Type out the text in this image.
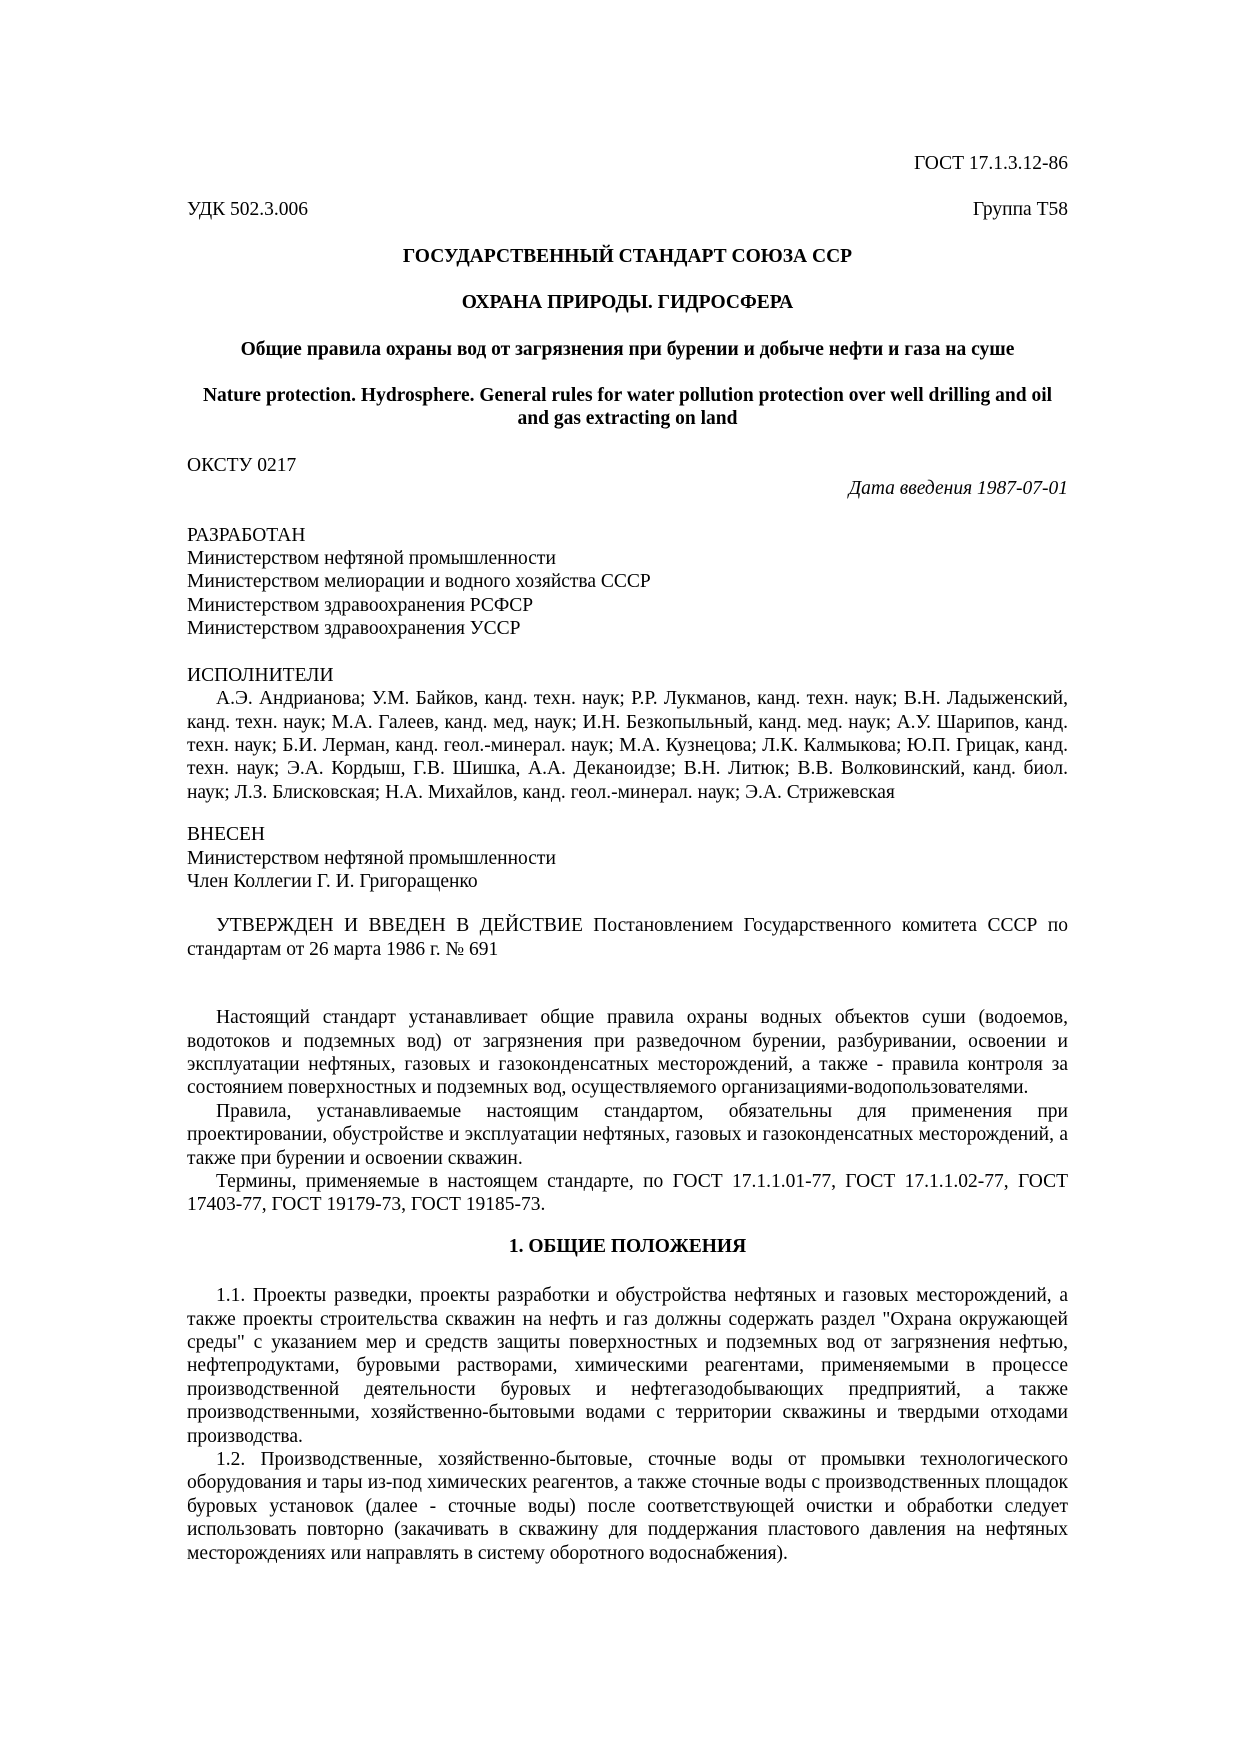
ГОСТ 17.1.3.12-86
УДК 502.3.006	Группа Т58
ГОСУДАРСТВЕННЫЙ СТАНДАРТ СОЮЗА ССР
ОХРАНА ПРИРОДЫ. ГИДРОСФЕРА
Общие правила охраны вод от загрязнения при бурении и добыче нефти и газа на суше
Nature protection. Hydrosphere. General rules for water pollution protection over well drilling and oil and gas extracting on land
ОКСТУ 0217
Дата введения 1987-07-01
РАЗРАБОТАН
Министерством нефтяной промышленности
Министерством мелиорации и водного хозяйства СССР
Министерством здравоохранения РСФСР
Министерством здравоохранения УССР
ИСПОЛНИТЕЛИ

А.Э. Андрианова; У.М. Байков, канд. техн. наук; Р.Р. Лукманов, канд. техн. наук; В.Н. Ладыженский, канд. техн. наук; М.А. Галеев, канд. мед, наук; И.Н. Безкопыльный, канд. мед. наук; А.У. Шарипов, канд. техн. наук; Б.И. Лерман, канд. геол.-минерал. наук; М.А. Кузнецова; Л.К. Калмыкова; Ю.П. Грицак, канд. техн. наук; Э.А. Кордыш, Г.В. Шишка, А.А. Деканоидзе; В.Н. Литюк; В.В. Волковинский, канд. биол. наук; Л.З. Блисковская; Н.А. Михайлов, канд. геол.-минерал. наук; Э.А. Стрижевская

ВНЕСЕН
Министерством нефтяной промышленности
Член Коллегии Г. И. Григоращенко

УТВЕРЖДЕН И ВВЕДЕН В ДЕЙСТВИЕ Постановлением Государственного комитета СССР по стандартам от 26 марта 1986 г. № 691

Настоящий стандарт устанавливает общие правила охраны водных объектов суши (водоемов, водотоков и подземных вод) от загрязнения при разведочном бурении, разбуривании, освоении и эксплуатации нефтяных, газовых и газоконденсатных месторождений, а также - правила контроля за состоянием поверхностных и подземных вод, осуществляемого организациями-водопользователями.

Правила, устанавливаемые настоящим стандартом, обязательны для применения при проектировании, обустройстве и эксплуатации нефтяных, газовых и газоконденсатных месторождений, а также при бурении и освоении скважин.

Термины, применяемые в настоящем стандарте, по ГОСТ 17.1.1.01-77, ГОСТ 17.1.1.02-77, ГОСТ 17403-77, ГОСТ 19179-73, ГОСТ 19185-73.

1. ОБЩИЕ ПОЛОЖЕНИЯ

1.1. Проекты разведки, проекты разработки и обустройства нефтяных и газовых месторождений, а также проекты строительства скважин на нефть и газ должны содержать раздел "Охрана окружающей среды" с указанием мер и средств защиты поверхностных и подземных вод от загрязнения нефтью, нефтепродуктами, буровыми растворами, химическими реагентами, применяемыми в процессе производственной деятельности буровых и нефтегазодобывающих предприятий, а также производственными, хозяйственно-бытовыми водами с территории скважины и твердыми отходами производства.

1.2. Производственные, хозяйственно-бытовые, сточные воды от промывки технологического оборудования и тары из-под химических реагентов, а также сточные воды с производственных площадок буровых установок (далее - сточные воды) после соответствующей очистки и обработки следует использовать повторно (закачивать в скважину для поддержания пластового давления на нефтяных месторождениях или направлять в систему оборотного водоснабжения).
